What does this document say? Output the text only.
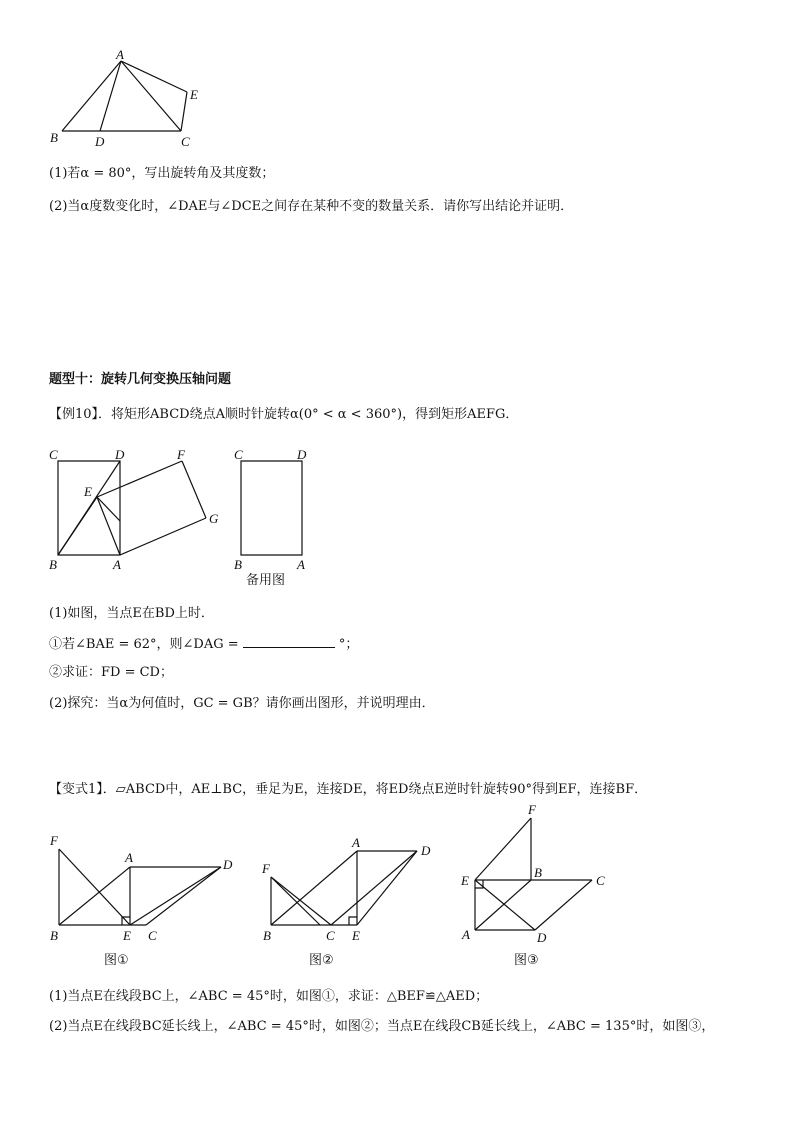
A
B	D	C
E
C	D	F
E
G
B	A
C	D
B	A
备用图
F
A	D
B	E C
图①
F
A
D
B	C E
图②
F
B
C
E
A	D
图③
(1)若α = 80°，写出旋转角及其度数；
(2)当α度数变化时，∠DAE与∠DCE之间存在某种不变的数量关系．请你写出结论并证明．
题型十：旋转几何变换压轴问题
【例10】．将矩形ABCD绕点A顺时针旋转α(0° < α < 360°)，得到矩形AEFG．
(1)如图，当点E在BD上时．
①若∠BAE = 62°，则∠DAG =	°；
②求证：FD = CD；
(2)探究：当α为何值时，GC = GB？请你画出图形，并说明理由．
【变式1】．▱ABCD中，AE⊥BC，垂足为E，连接DE，将ED绕点E逆时针旋转90°得到EF，连接BF．
(1)当点E在线段BC上，∠ABC = 45°时，如图①，求证：△BEF≌△AED；
(2)当点E在线段BC延长线上，∠ABC = 45°时，如图②；当点E在线段CB延长线上，∠ABC = 135°时，如图③，
